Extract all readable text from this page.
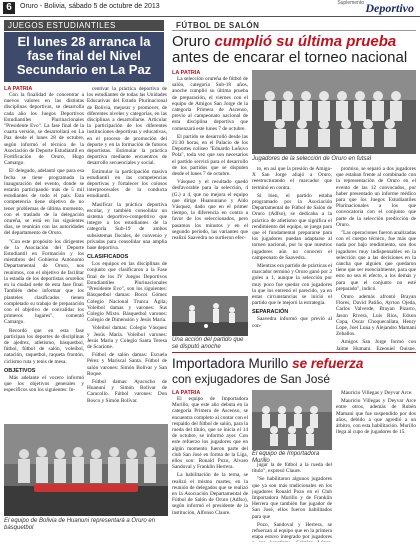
6	Oruro - Bolivia, sábado 5 de octubre de 2013	Suplemento Deportivo
JUEGOS ESTUDIANTILES
El lunes 28 arranca la fase final del Nivel Secundario en La Paz
LA PATRIA

Con la finalidad de concentrar a nuevos valores en las distintas disciplinas deportivas, se desarrolla cada año los Juegos Deportivos Estudiantiles Plurinacionales "Presidente Evo". La fase final de la cuarta versión, se desarrollará en La Paz desde el lunes 28 de octubre, según informó el técnico de la Asociación de Deporte Estudiantil en Fortificación de Oruro, Hugo Camargo.

El delegado, adelantó que para esa fecha se tiene programada la inauguración del evento, donde se estarán participando más de 5 mil estudiantes de todo el país. Esta competencia tiene objetivo de no tener problemas de última momento, con el traslado de la delegación orureña, se está en los siguientes días, se reunirán con las autoridades del departamento de Oruro.

"Con este propósito los dirigentes de la Asociación del Deporte Estudiantil en Formación y los miembros del Gobierno Autónomo Departamental de Oruro, nos reunimos, con el objetivo de facilitar la estadía de los deportistas orureños en la ciudad sede de esta fase final. También debo informar que los planteles clasificados tienen completado su trabajo de preparación con el objetivo de convalidar los primeros lugares", comentó Camargo.

Recordó que en esta fase participan los deportes de disciplinas de ajedrez, atletismo, básquetbol, fútbol, fútbol de salón, voleibol, natación, raquetbol, raqueta frontón, ciclismo ruta y tenis de mesa.

OBJETIVOS

Más adelante el vocero informó que los objetivos generales y específicos son los siguientes: In-

centivar la práctica deportiva de los estudiantes de todas las Unidades Educativas del Estado Plurinacional de Bolivia, mejorar y promover, de diferentes niveles y categorías, en las disciplinas a desarrollarse. Articular la participación de los diferentes instituciones deportivas y educativas, en el proceso de promoción del deporte y en la formación de futuros deportistas. Estimular la práctica deportiva mediante encuentros de desarrollo secuenciales y social.

Estimular la participación masiva estudiantil en las competencias deportivas y fortalecer los colosos interprocesales de la conducta estudiantil.

Masificar la práctica deportiva escolar, y también consolidar un sistema deportivo-competitivo que integre a los estudiantes de la categoría Sub-19 de ambos subsistemas fiscales, de convenio y privadas para consolidar una amplia base deportiva.

CLASIFICADOS

Los equipos en las disciplinas de conjunto que clasificaron a la Fase final de los IV Juegos Deportivos Estudiantiles Plurinacionales "Presidente Evo", son los siguientes: Básquetbol damas: Bocoi Gómez Colegio Nacional Trunca Ágila; Voleibol damas y varones: Sus Colegio Mixto. Básquetbol varones: Colegio de Dimensión y Jesús María.

Voleibol damas: Colegio Vásquez y Jesús María. Voleibol varones: Jesús María y Colegio Santa Teresa de Scarione.

Fútbol de salón damas: Escuela Pérez y Mariscal Santa. Fútbol de salón varones: Simón Bolívar y San Roque.

Fútbol damas: Ayacucho de Huanuni y Simón Bolívar de Caracollo. Fútbol varones: Don Bosco y Simón Bolívar.

El equipo de Bolivia de Huanuni representará a Oruro en básquetbol
FÚTBOL DE SALÓN
Oruro cumplió su última prueba antes de encarar el torneo nacional
LA PATRIA

La selección orureña de fútbol de salón, categoría Sub-18 años, anoche cumplió su última prueba de preparación, el viernes con el equipo de Amigos San Jorge de la categoría Primera de Ascenso, previo al campeonato nacional de esta disciplina deportiva que comenzará este lunes 7 de octubre.

El partido se desarrolló desde las 21:30 horas, en el Palacio de los Deportes coliseo "Eduardo Luñuvo Pola", toda vez que son necesarios el partido servirá para el desarrollo de los partidos que se disputen desde el lunes 7 de octubre.

Vásquez y el resultado quedó desfavorable para la selección, 4 (G.) a 4, que no mejora el equipo que dirige Huanuniano y Aldo Vásquez, dado que en el primer tiempo, la diferencia en contra a favor de los seleccionados, pero pasamos los minutos y en el segundo periodo, las variantes que realizó Saavedra no surtieron efec-

Jugadores de la selección de Oruro en futsal

to, en así que la presión de Amigo-X San Jorge aliajó a Oruro, reestructurando el marcador que terminó en contra.

Si bien, el partido estaba programado por la Asociación Departamental de Fútbol de Salón de Oruro (Adfso), se dedicaba a la práctica de atletismo que significa el rendimiento del equipo, se juega para que el fundamental prepararse para los jugadores puedan adaptarse al torneo nacional, por lo que nuestros jugadores aún no conocen el campeonato de Saavedra.

Mientras era partido de prácticas el marcador terminó y Oruro ganó por 2 goles a 1, aunque la selección por muy poco fue quedar con jugadores la que los entrenó el parecido, ya en estas circunstancias se inició el partido que le mejoró la estrategia.

SEPARACIÓN

Saavedra informó que previó al con-

promiso, se separó a dos jugadores que estaban frente al combinado con la representación de Oruro en el evento de las 12 convocados, por haber presentado un informe médico para que los Juegos Estudiantiles Plurinacionales a los que convocatoria con el conjunto que parte de la selección predicción de Oruro.

"Las operaciones fueron analizadas con el cuerpo técnico, fue más que nada por bajo rendimiento, son dos jugadores muy indispensables en la selección que a las decisiones en la cancha que alguien que quedaron tiene que ser esencialmente, para que esto no sea el efecto, a los demás y para que el conjunto no esté preparado", indicó.

Oruro además afrontó Brayan Flores, David Patiño, Ayrton Ojeda, Carlos Valverde, Brayan Pizarro, Jason Rivera, Luis Ríos, Edson Copa, Oscar Choquecallata, Henry Lope, Joel Luna y Alejandro Mamani Zeballos.

Amigos San Jorge formó con Jaime Humani, Ezequiel Quispe,

Una acción del partido que se disputó anoche
Importadora Murillo se refuerza
con exjugadores de San José
LA PATRIA

El equipo de Importadora Murillo, que este año debuta en la categoría Primera de Ascenso, se encuentra completo al contar con el respaldo del fútbol de salón, para la rueda del título, que se inicia el 14 de octubre, se informó ayer. Con este refuerzo los jugadores que en algún momento fueron parte del club San José en forma de la Liga, ellos son: Ronald Pozo, Alvaro Sandoval y Franklin Herrera.

La habilitación de la terna, se realizó el mismo martes, en la reunión de delegados que se realizó en la Asociación Departamental de Fútbol de Salón de Oruro (Adfso), según informó el presidente de la institución, Alfonso Claure.

El equipo de Importadora Murillo

jugar la de fútbol a la rueda del título", expresó Claure.

"Se habilitaron algunos jugadores que ya son más tradicionales en los jugadores Ronald Pozo en el Club Importadora Murillo y de Franklin Herrera que también fue jugador de San José, ellos fueron habilitados para que

Pozo, Sandoval y Herrera, se refuerzan al equipo que en la primera etapa estuvo integrado por jugadores

Mauricio Villegas y Deyvar Arce.

Mauricio Villegas y Deyvar Arce entre otros, además de Rubén Mamani que fue suspendido por dos años, debido a que agredió a un árbitro, con esta habilitación. Murillo llega al cupo de jugadores de 15.
